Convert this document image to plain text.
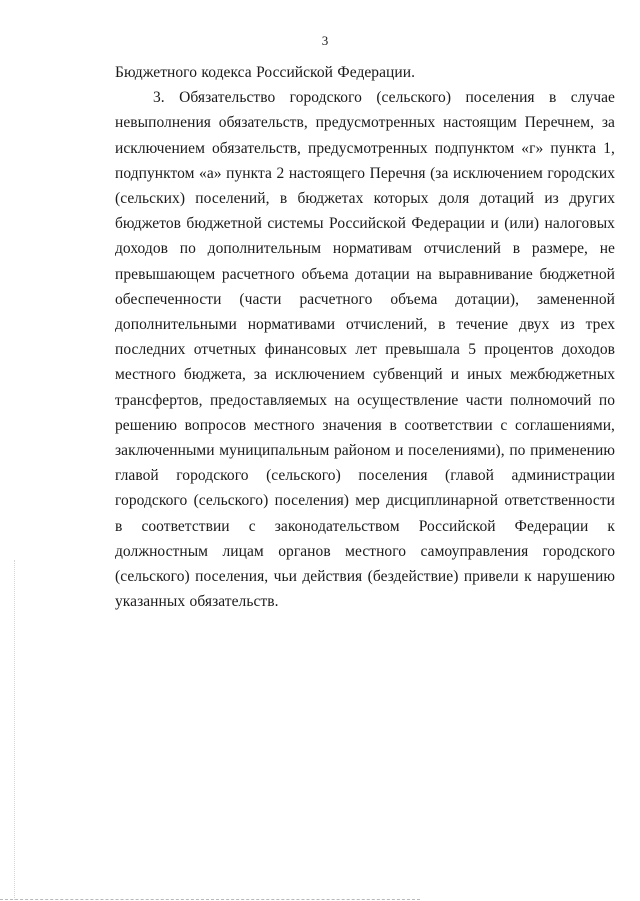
3

Бюджетного кодекса Российской Федерации.

3. Обязательство городского (сельского) поселения в случае невыполнения обязательств, предусмотренных настоящим Перечнем, за исключением обязательств, предусмотренных подпунктом «г» пункта 1, подпунктом «а» пункта 2 настоящего Перечня (за исключением городских (сельских) поселений, в бюджетах которых доля дотаций из других бюджетов бюджетной системы Российской Федерации и (или) налоговых доходов по дополнительным нормативам отчислений в размере, не превышающем расчетного объема дотации на выравнивание бюджетной обеспеченности (части расчетного объема дотации), замененной дополнительными нормативами отчислений, в течение двух из трех последних отчетных финансовых лет превышала 5 процентов доходов местного бюджета, за исключением субвенций и иных межбюджетных трансфертов, предоставляемых на осуществление части полномочий по решению вопросов местного значения в соответствии с соглашениями, заключенными муниципальным районом и поселениями), по применению главой городского (сельского) поселения (главой администрации городского (сельского) поселения) мер дисциплинарной ответственности в соответствии с законодательством Российской Федерации к должностным лицам органов местного самоуправления городского (сельского) поселения, чьи действия (бездействие) привели к нарушению указанных обязательств.
